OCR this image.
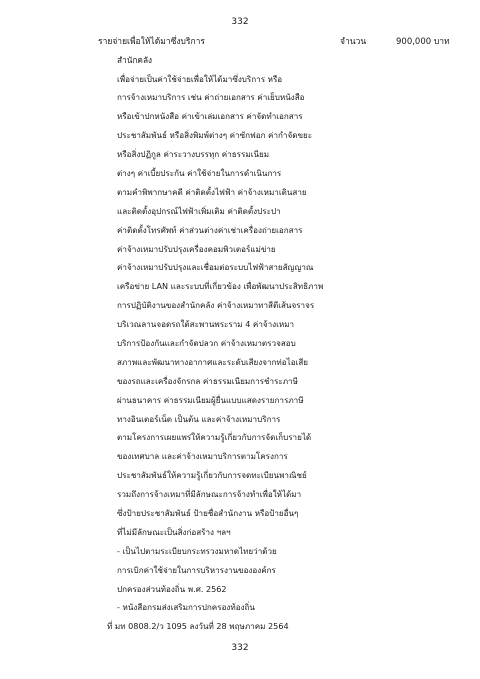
332
รายจ่ายเพื่อให้ได้มาซึ่งบริการ	จำนวน	900,000 บาท
สำนักคลัง
เพื่อจ่ายเป็นค่าใช้จ่ายเพื่อให้ได้มาซึ่งบริการ หรือ
การจ้างเหมาบริการ เช่น ค่าถ่ายเอกสาร ค่าเย็บหนังสือ
หรือเข้าปกหนังสือ ค่าเข้าเล่มเอกสาร ค่าจัดทำเอกสาร
ประชาสัมพันธ์ หรือสิ่งพิมพ์ต่างๆ ค่าซักฟอก ค่ากำจัดขยะ
หรือสิ่งปฏิกูล ค่าระวางบรรทุก ค่าธรรมเนียม
ต่างๆ ค่าเบี้ยประกัน ค่าใช้จ่ายในการดำเนินการ
ตามคำพิพากษาคดี ค่าติดตั้งไฟฟ้า ค่าจ้างเหมาเดินสาย
และติดตั้งอุปกรณ์ไฟฟ้าเพิ่มเติม ค่าติดตั้งประปา
ค่าติดตั้งโทรศัพท์ ค่าส่วนต่างค่าเช่าเครื่องถ่ายเอกสาร
ค่าจ้างเหมาปรับปรุงเครื่องคอมพิวเตอร์แม่ข่าย
ค่าจ้างเหมาปรับปรุงและเชื่อมต่อระบบไฟฟ้าสายสัญญาณ
เครือข่าย LAN และระบบที่เกี่ยวข้อง เพื่อพัฒนาประสิทธิภาพ
การปฏิบัติงานของสำนักคลัง ค่าจ้างเหมาทาสีตีเส้นจราจร
บริเวณลานจอดรถใต้สะพานพระราม 4 ค่าจ้างเหมา
บริการป้องกันและกำจัดปลวก ค่าจ้างเหมาตรวจสอบ
สภาพและพัฒนาทางอากาศและระดับเสียงจากท่อไอเสีย
ของรถและเครื่องจักรกล ค่าธรรมเนียมการชำระภาษี
ผ่านธนาคาร ค่าธรรมเนียมผู้ยื่นแบบแสดงรายการภาษี
ทางอินเตอร์เน็ต เป็นต้น และค่าจ้างเหมาบริการ
ตามโครงการเผยแพร่ให้ความรู้เกี่ยวกับการจัดเก็บรายได้
ของเทศบาล และค่าจ้างเหมาบริการตามโครงการ
ประชาสัมพันธ์ให้ความรู้เกี่ยวกับการจดทะเบียนพาณิชย์
รวมถึงการจ้างเหมาที่มีลักษณะการจ้างทำเพื่อให้ได้มา
ซึ่งป้ายประชาสัมพันธ์ ป้ายชื่อสำนักงาน หรือป้ายอื่นๆ
ที่ไม่มีลักษณะเป็นสิ่งก่อสร้าง ฯลฯ
- เป็นไปตามระเบียบกระทรวงมหาดไทยว่าด้วย
การเบิกค่าใช้จ่ายในการบริหารงานขององค์กร
ปกครองส่วนท้องถิ่น พ.ศ. 2562
- หนังสือกรมส่งเสริมการปกครองท้องถิ่น
ที่ มท 0808.2/ว 1095 ลงวันที่ 28 พฤษภาคม 2564
332
